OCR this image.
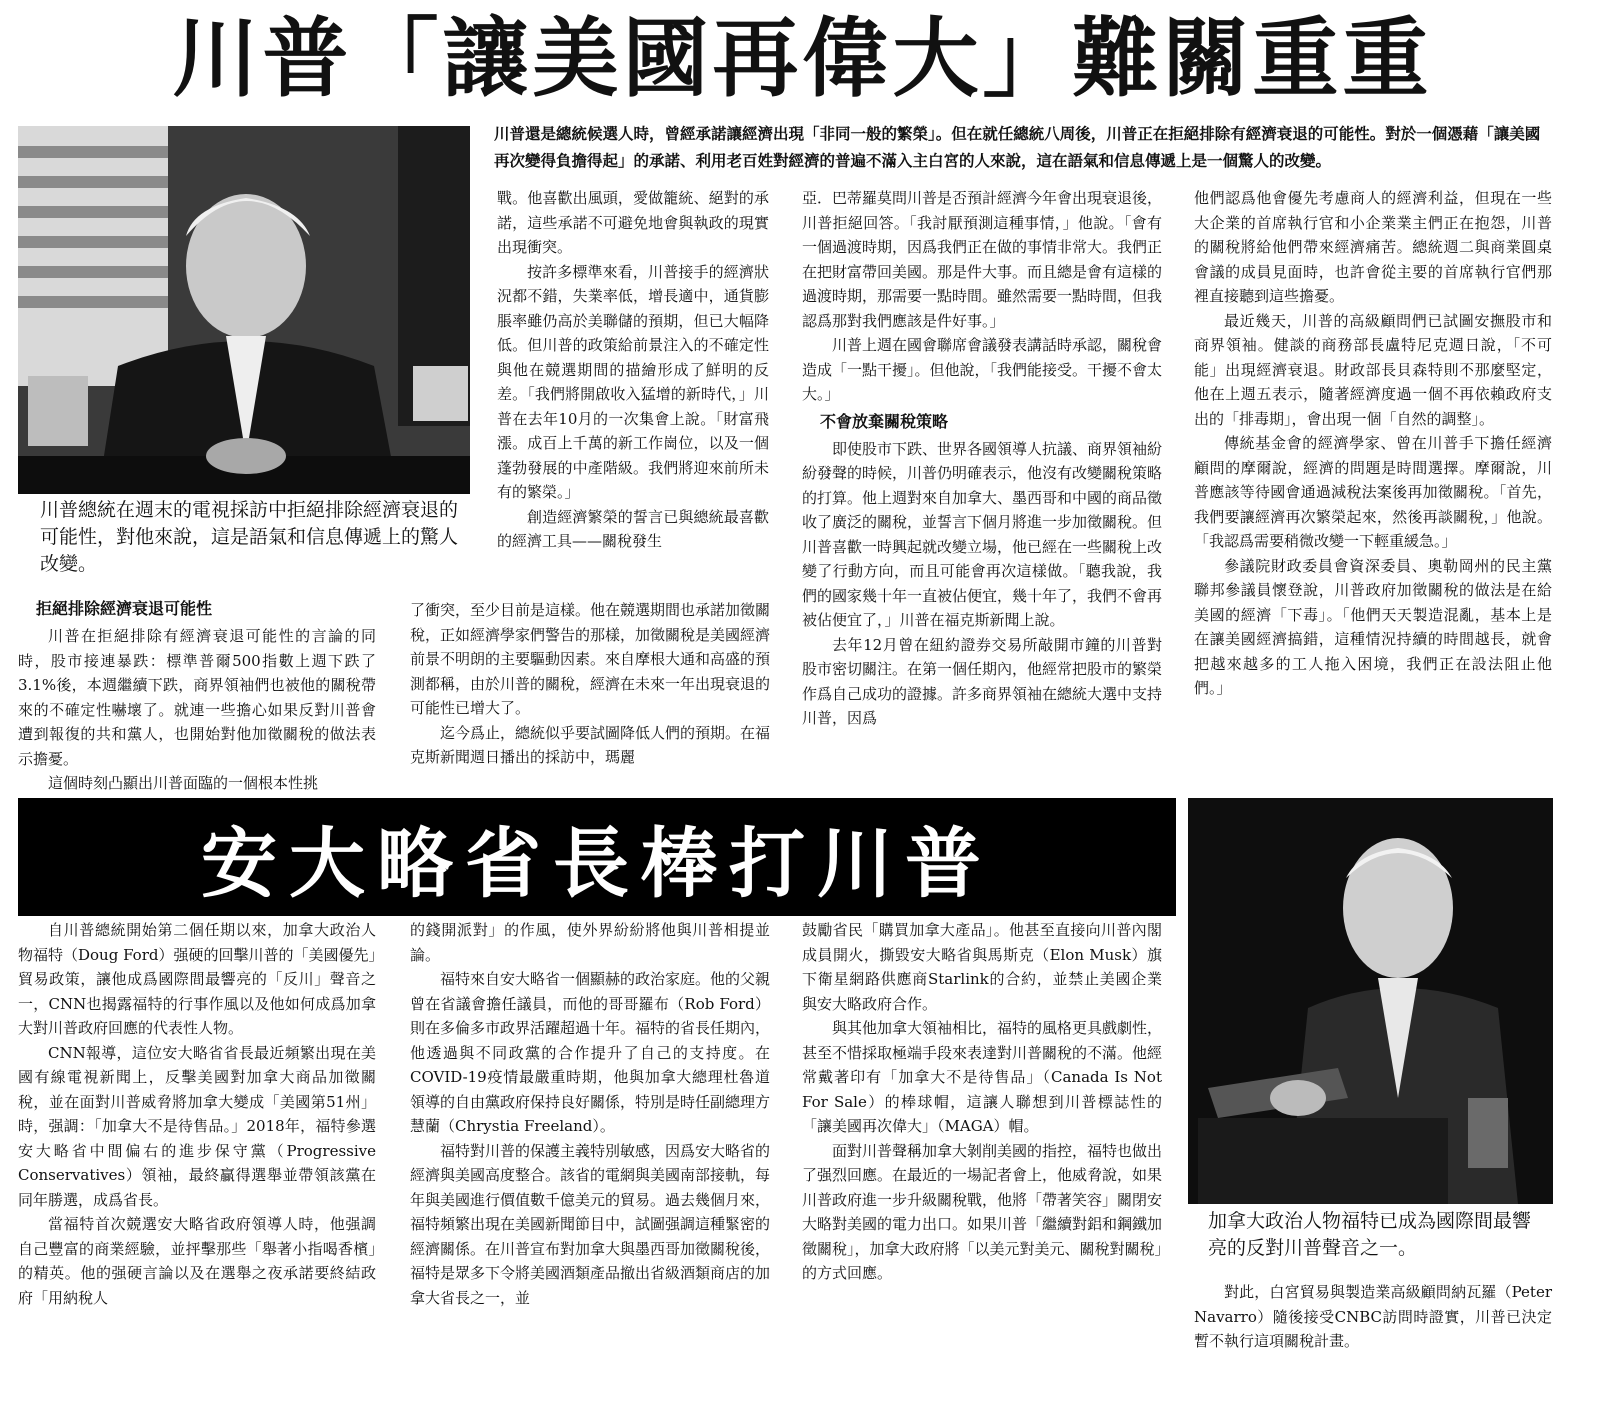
川普「讓美國再偉大」難關重重
川普總統在週末的電視採訪中拒絕排除經濟衰退的可能性，對他來說，這是語氣和信息傳遞上的驚人改變。
川普還是總統候選人時，曾經承諾讓經濟出現「非同一般的繁榮」。但在就任總統八周後，川普正在拒絕排除有經濟衰退的可能性。對於一個憑藉「讓美國再次變得負擔得起」的承諾、利用老百姓對經濟的普遍不滿入主白宮的人來說，這在語氣和信息傳遞上是一個驚人的改變。
拒絕排除經濟衰退可能性

川普在拒絕排除有經濟衰退可能性的言論的同時，股市接連暴跌：標準普爾500指數上週下跌了3.1%後，本週繼續下跌，商界領袖們也被他的關稅帶來的不確定性嚇壞了。就連一些擔心如果反對川普會遭到報復的共和黨人，也開始對他加徵關稅的做法表示擔憂。

這個時刻凸顯出川普面臨的一個根本性挑

戰。他喜歡出風頭，愛做籠統、絕對的承諾，這些承諾不可避免地會與執政的現實出現衝突。

按許多標準來看，川普接手的經濟狀況都不錯，失業率低，增長適中，通貨膨脹率雖仍高於美聯儲的預期，但已大幅降低。但川普的政策給前景注入的不確定性與他在競選期間的描繪形成了鮮明的反差。「我們將開啟收入猛增的新時代，」川普在去年10月的一次集會上說。「財富飛漲。成百上千萬的新工作崗位，以及一個蓬勃發展的中產階級。我們將迎來前所未有的繁榮。」

創造經濟繁榮的誓言已與總統最喜歡的經濟工具——關稅發生

了衝突，至少目前是這樣。他在競選期間也承諾加徵關稅，正如經濟學家們警告的那樣，加徵關稅是美國經濟前景不明朗的主要驅動因素。來自摩根大通和高盛的預測都稱，由於川普的關稅，經濟在未來一年出現衰退的可能性已增大了。

迄今爲止，總統似乎要試圖降低人們的預期。在福克斯新聞週日播出的採訪中，瑪麗

亞．巴蒂羅莫問川普是否預計經濟今年會出現衰退後，川普拒絕回答。「我討厭預測這種事情，」他說。「會有一個過渡時期，因爲我們正在做的事情非常大。我們正在把財富帶回美國。那是件大事。而且總是會有這樣的過渡時期，那需要一點時間。雖然需要一點時間，但我認爲那對我們應該是件好事。」

川普上週在國會聯席會議發表講話時承認，關稅會造成「一點干擾」。但他說，「我們能接受。干擾不會太大。」

不會放棄關稅策略

即使股市下跌、世界各國領導人抗議、商界領袖紛紛發聲的時候，川普仍明確表示，他沒有改變關稅策略的打算。他上週對來自加拿大、墨西哥和中國的商品徵收了廣泛的關稅，並誓言下個月將進一步加徵關稅。但川普喜歡一時興起就改變立場，他已經在一些關稅上改變了行動方向，而且可能會再次這樣做。「聽我說，我們的國家幾十年一直被佔便宜，幾十年了，我們不會再被佔便宜了，」川普在福克斯新聞上說。

去年12月曾在紐約證券交易所敲開市鐘的川普對股市密切關注。在第一個任期內，他經常把股市的繁榮作爲自己成功的證據。許多商界領袖在總統大選中支持川普，因爲

他們認爲他會優先考慮商人的經濟利益，但現在一些大企業的首席執行官和小企業業主們正在抱怨，川普的關稅將給他們帶來經濟痛苦。總統週二與商業圓桌會議的成員見面時，也許會從主要的首席執行官們那裡直接聽到這些擔憂。

最近幾天，川普的高級顧問們已試圖安撫股市和商界領袖。健談的商務部長盧特尼克週日說，「不可能」出現經濟衰退。財政部長貝森特則不那麼堅定，他在上週五表示，隨著經濟度過一個不再依賴政府支出的「排毒期」，會出現一個「自然的調整」。

傳統基金會的經濟學家、曾在川普手下擔任經濟顧問的摩爾說，經濟的問題是時間選擇。摩爾說，川普應該等待國會通過減稅法案後再加徵關稅。「首先，我們要讓經濟再次繁榮起來，然後再談關稅，」他說。「我認爲需要稍微改變一下輕重緩急。」

參議院財政委員會資深委員、奧勒岡州的民主黨聯邦參議員懷登說，川普政府加徵關稅的做法是在給美國的經濟「下毒」。「他們天天製造混亂，基本上是在讓美國經濟搞錯，這種情況持續的時間越長，就會把越來越多的工人拖入困境，我們正在設法阻止他們。」

安大略省長棒打川普
加拿大政治人物福特已成為國際間最響亮的反對川普聲音之一。

自川普總統開始第二個任期以來，加拿大政治人物福特（Doug Ford）强硬的回擊川普的「美國優先」貿易政策，讓他成爲國際間最響亮的「反川」聲音之一，CNN也揭露福特的行事作風以及他如何成爲加拿大對川普政府回應的代表性人物。

CNN報導，這位安大略省省長最近頻繁出現在美國有線電視新聞上，反擊美國對加拿大商品加徵關稅，並在面對川普威脅將加拿大變成「美國第51州」時，强調：「加拿大不是待售品。」2018年，福特參選安大略省中間偏右的進步保守黨（Progressive Conservatives）領袖，最終贏得選舉並帶領該黨在同年勝選，成爲省長。

當福特首次競選安大略省政府領導人時，他强調自己豐富的商業經驗，並抨擊那些「舉著小指喝香檳」的精英。他的强硬言論以及在選舉之夜承諾要終結政府「用納稅人

的錢開派對」的作風，使外界紛紛將他與川普相提並論。

福特來自安大略省一個顯赫的政治家庭。他的父親曾在省議會擔任議員，而他的哥哥羅布（Rob Ford）則在多倫多市政界活躍超過十年。福特的省長任期內，他透過與不同政黨的合作提升了自己的支持度。在COVID-19疫情最嚴重時期，他與加拿大總理杜魯道領導的自由黨政府保持良好關係，特別是時任副總理方慧蘭（Chrystia Freeland）。

福特對川普的保護主義特別敏感，因爲安大略省的經濟與美國高度整合。該省的電網與美國南部接軌，每年與美國進行價值數千億美元的貿易。過去幾個月來，福特頻繁出現在美國新聞節目中，試圖强調這種緊密的經濟關係。在川普宣布對加拿大與墨西哥加徵關稅後，福特是眾多下令將美國酒類產品撤出省級酒類商店的加拿大省長之一，並

鼓勵省民「購買加拿大產品」。他甚至直接向川普內閣成員開火，撕毀安大略省與馬斯克（Elon Musk）旗下衛星網路供應商Starlink的合約，並禁止美國企業與安大略政府合作。

與其他加拿大領袖相比，福特的風格更具戲劇性，甚至不惜採取極端手段來表達對川普關稅的不滿。他經常戴著印有「加拿大不是待售品」（Canada Is Not For Sale）的棒球帽，這讓人聯想到川普標誌性的「讓美國再次偉大」（MAGA）帽。

面對川普聲稱加拿大剝削美國的指控，福特也做出了强烈回應。在最近的一場記者會上，他威脅說，如果川普政府進一步升級關稅戰，他將「帶著笑容」關閉安大略對美國的電力出口。如果川普「繼續對鋁和鋼鐵加徵關稅」，加拿大政府將「以美元對美元、關稅對關稅」的方式回應。

對此，白宮貿易與製造業高級顧問納瓦羅（Peter Navarro）隨後接受CNBC訪問時證實，川普已決定暫不執行這項關稅計畫。
